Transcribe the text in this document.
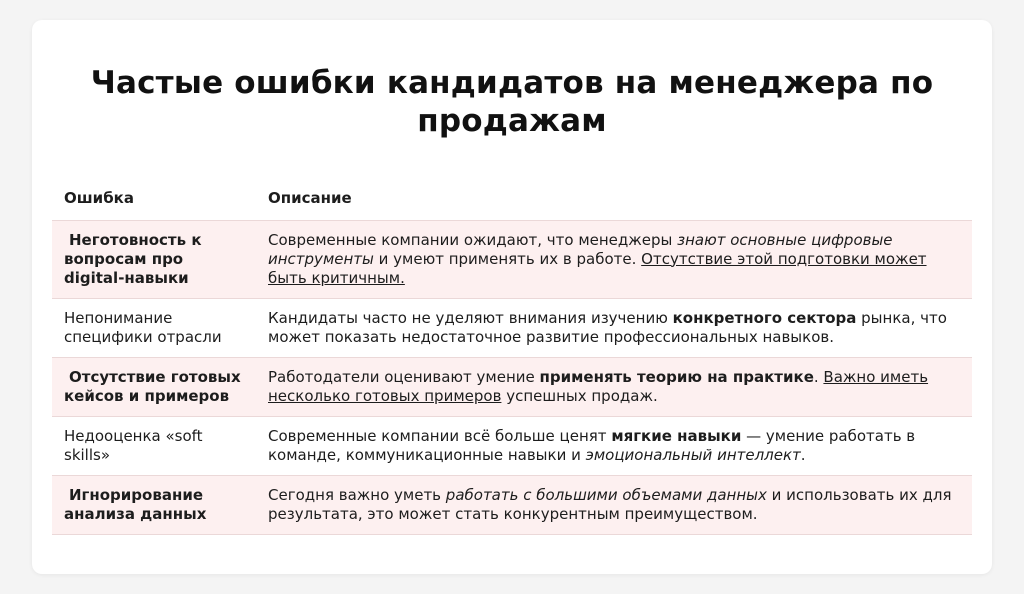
Частые ошибки кандидатов на менеджера по продажам
Ошибка	Описание
Неготовность к вопросам про digital-навыки	Современные компании ожидают, что менеджеры знают основные цифровые инструменты и умеют применять их в работе. Отсутствие этой подготовки может быть критичным.
Непонимание специфики отрасли	Кандидаты часто не уделяют внимания изучению конкретного сектора рынка, что может показать недостаточное развитие профессиональных навыков.
Отсутствие готовых кейсов и примеров	Работодатели оценивают умение применять теорию на практике. Важно иметь несколько готовых примеров успешных продаж.
Недооценка «soft skills»	Современные компании всё больше ценят мягкие навыки — умение работать в команде, коммуникационные навыки и эмоциональный интеллект.
Игнорирование анализа данных	Сегодня важно уметь работать с большими объемами данных и использовать их для результата, это может стать конкурентным преимуществом.
